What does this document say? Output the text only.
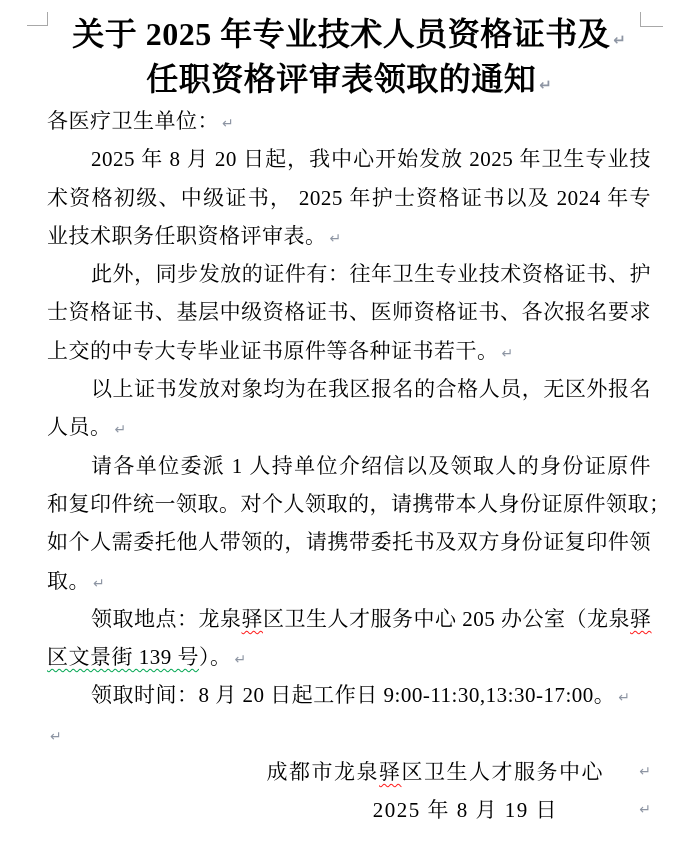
关于 2025 年专业技术人员资格证书及 ↵
任职资格评审表领取的通知 ↵
各医疗卫生单位： ↵
2025 年 8 月 20 日起，我中心开始发放 2025 年卫生专业技
术资格初级、中级证书， 2025 年护士资格证书以及 2024 年专
业技术职务任职资格评审表。 ↵
此外，同步发放的证件有：往年卫生专业技术资格证书、护
士资格证书、基层中级资格证书、医师资格证书、各次报名要求
上交的中专大专毕业证书原件等各种证书若干。 ↵
以上证书发放对象均为在我区报名的合格人员，无区外报名
人员。 ↵
请各单位委派 1 人持单位介绍信以及领取人的身份证原件
和复印件统一领取。对个人领取的，请携带本人身份证原件领取；
如个人需委托他人带领的，请携带委托书及双方身份证复印件领
取。 ↵
领取地点：龙泉驿区卫生人才服务中心 205 办公室（龙泉驿
区文景街 139 号）。 ↵
领取时间：8 月 20 日起工作日 9:00-11:30,13:30-17:00。 ↵
↵
成都市龙泉驿区卫生人才服务中心	↵
2025 年 8 月 19 日	↵
